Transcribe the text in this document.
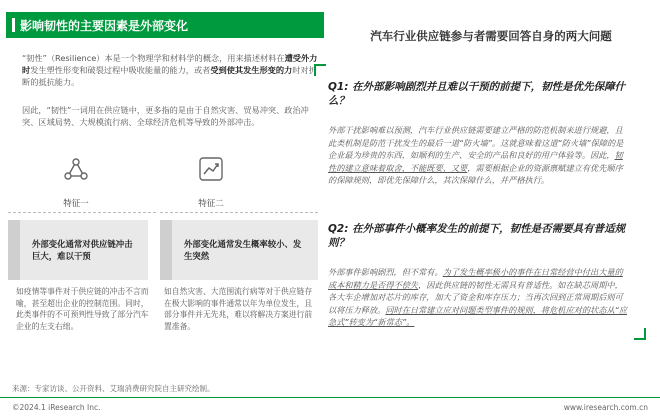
影响韧性的主要因素是外部变化
“韧性”（Resilience）本是一个物理学和材料学的概念，用来描述材料在遭受外力时发生塑性形变和破裂过程中吸收能量的能力，或者受到使其发生形变的力时对折断的抵抗能力。
因此，“韧性”一词用在供应链中，更多指的是由于自然灾害、贸易冲突、政治冲突、区域局势、大规模流行病、全球经济危机等导致的外部冲击。
特征一
外部变化通常对供应链冲击巨大，难以干预
如疫情等事件对于供应链的冲击不言而喻，甚至超出企业的控制范围。同时，此类事件的不可预判性导致了部分汽车企业的左支右绌。
特征二
外部变化通常发生概率较小、发生突然
如自然灾害、大范围流行病等对于供应链存在极大影响的事件通常以年为单位发生，且部分事件并无先兆，难以将解决方案进行前置准备。
汽车行业供应链参与者需要回答自身的两大问题
Q1: 在外部影响剧烈并且难以干预的前提下，韧性是优先保障什么？
外部干扰影响难以预测，汽车行业供应链需要建立严格的防范机制来进行规避，且此类机制是防范干扰发生的最后一道“防火墙”。这就意味着这道“防火墙”保障的是企业最为珍贵的东西，如顺利的生产、安全的产品和良好的用户体验等。因此，韧性的建立意味着取舍，不能既要、又要，需要根据企业的资源禀赋建立有优先顺序的保障规则，即优先保障什么，其次保障什么，并严格执行。
Q2: 在外部事件小概率发生的前提下，韧性是否需要具有普适规则？
外部事件影响剧烈，但不常有。为了发生概率极小的事件在日常经营中付出大量的成本和精力是否得不偿失，因此供应链的韧性无需具有普适性。如在缺芯周期中，各大车企增加对芯片的库存，加大了资金和库存压力；当再次回到正常周期后则可以将压力释放。同时在日常建立应对问题类型事件的规则，将危机应对的状态从“应急式”转变为“新常态”。
来源：专家访谈、公开资料、艾瑞消费研究院自主研究绘制。
©2024.1 iResearch Inc.	www.iresearch.com.cn
